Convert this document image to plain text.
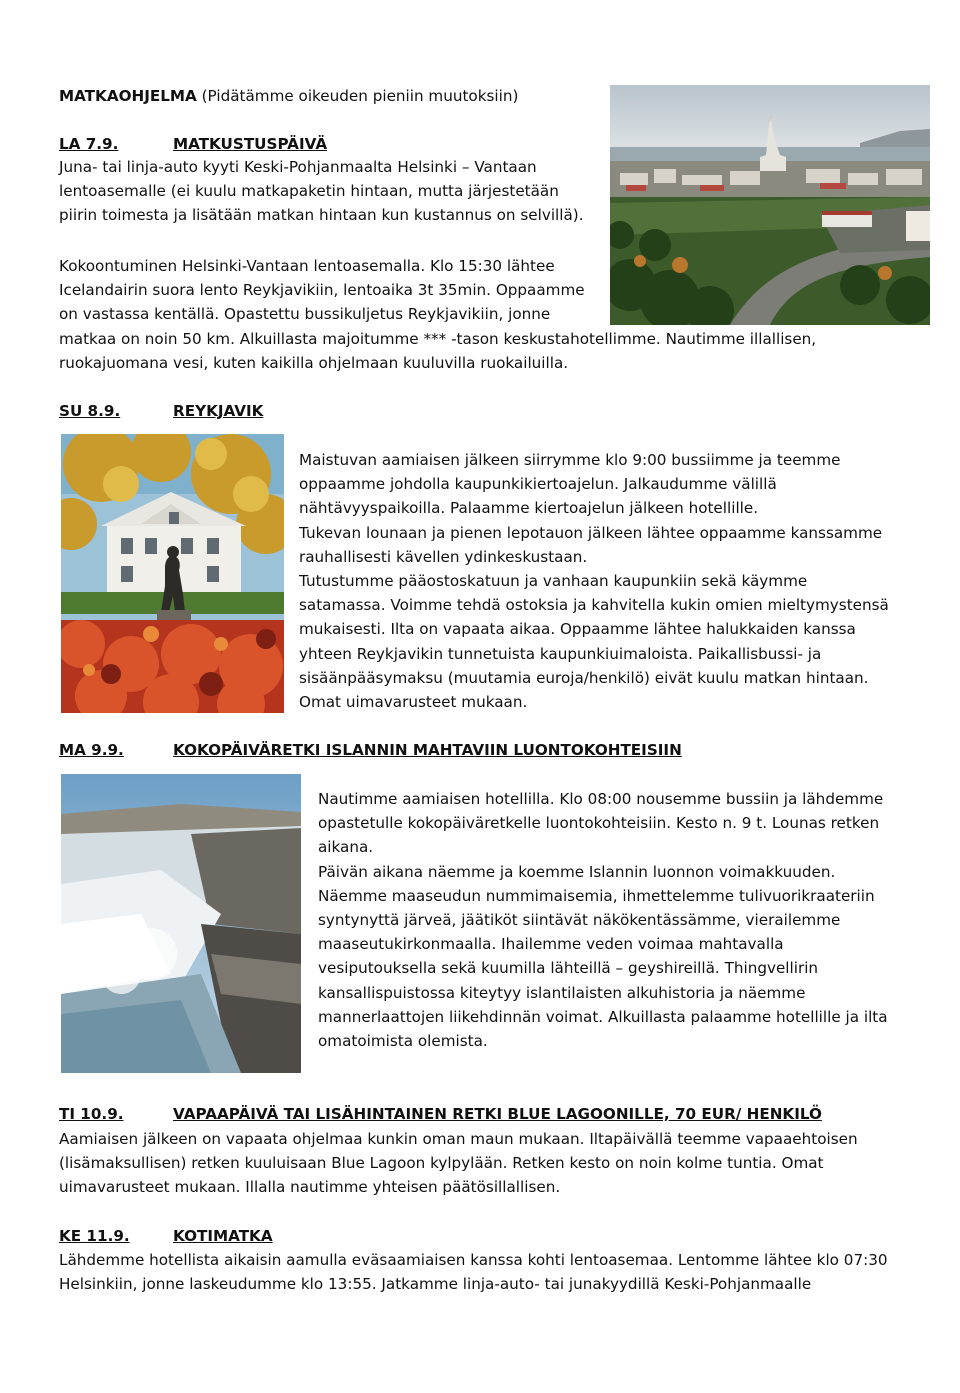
MATKAOHJELMA (Pidätämme oikeuden pieniin muutoksiin)
LA 7.9.	MATKUSTUSPÄIVÄ
Juna- tai linja-auto kyyti Keski-Pohjanmaalta Helsinki – Vantaan
lentoasemalle (ei kuulu matkapaketin hintaan, mutta järjestetään
piirin toimesta ja lisätään matkan hintaan kun kustannus on selvillä).
Kokoontuminen Helsinki-Vantaan lentoasemalla. Klo 15:30 lähtee
Icelandairin suora lento Reykjavikiin, lentoaika 3t 35min. Oppaamme
on vastassa kentällä. Opastettu bussikuljetus Reykjavikiin, jonne
matkaa on noin 50 km. Alkuillasta majoitumme *** -tason keskustahotellimme. Nautimme illallisen,
ruokajuomana vesi, kuten kaikilla ohjelmaan kuuluvilla ruokailuilla.
SU 8.9.	REYKJAVIK
Maistuvan aamiaisen jälkeen siirrymme klo 9:00 bussiimme ja teemme
oppaamme johdolla kaupunkikiertoajelun. Jalkaudumme välillä
nähtävyyspaikoilla. Palaamme kiertoajelun jälkeen hotellille.
Tukevan lounaan ja pienen lepotauon jälkeen lähtee oppaamme kanssamme
rauhallisesti kävellen ydinkeskustaan.
Tutustumme pääostoskatuun ja vanhaan kaupunkiin sekä käymme
satamassa. Voimme tehdä ostoksia ja kahvitella kukin omien mieltymystensä
mukaisesti. Ilta on vapaata aikaa. Oppaamme lähtee halukkaiden kanssa
yhteen Reykjavikin tunnetuista kaupunkiuimaloista. Paikallisbussi- ja
sisäänpääsymaksu (muutamia euroja/henkilö) eivät kuulu matkan hintaan.
Omat uimavarusteet mukaan.
MA 9.9.	KOKOPÄIVÄRETKI ISLANNIN MAHTAVIIN LUONTOKOHTEISIIN
Nautimme aamiaisen hotellilla. Klo 08:00 nousemme bussiin ja lähdemme
opastetulle kokopäiväretkelle luontokohteisiin. Kesto n. 9 t. Lounas retken
aikana.
Päivän aikana näemme ja koemme Islannin luonnon voimakkuuden.
Näemme maaseudun nummimaisemia, ihmettelemme tulivuorikraateriin
syntynyttä järveä, jäätiköt siintävät näkökentässämme, vierailemme
maaseutukirkonmaalla. Ihailemme veden voimaa mahtavalla
vesiputouksella sekä kuumilla lähteillä – geyshireillä. Thingvellirin
kansallispuistossa kiteytyy islantilaisten alkuhistoria ja näemme
mannerlaattojen liikehdinnän voimat. Alkuillasta palaamme hotellille ja ilta
omatoimista olemista.
TI 10.9.	VAPAAPÄIVÄ TAI LISÄHINTAINEN RETKI BLUE LAGOONILLE, 70 EUR/ HENKILÖ
Aamiaisen jälkeen on vapaata ohjelmaa kunkin oman maun mukaan. Iltapäivällä teemme vapaaehtoisen
(lisämaksullisen) retken kuuluisaan Blue Lagoon kylpylään. Retken kesto on noin kolme tuntia. Omat
uimavarusteet mukaan. Illalla nautimme yhteisen päätösillallisen.
KE 11.9.	KOTIMATKA
Lähdemme hotellista aikaisin aamulla eväsaamiaisen kanssa kohti lentoasemaa. Lentomme lähtee klo 07:30
Helsinkiin, jonne laskeudumme klo 13:55. Jatkamme linja-auto- tai junakyydillä Keski-Pohjanmaalle
